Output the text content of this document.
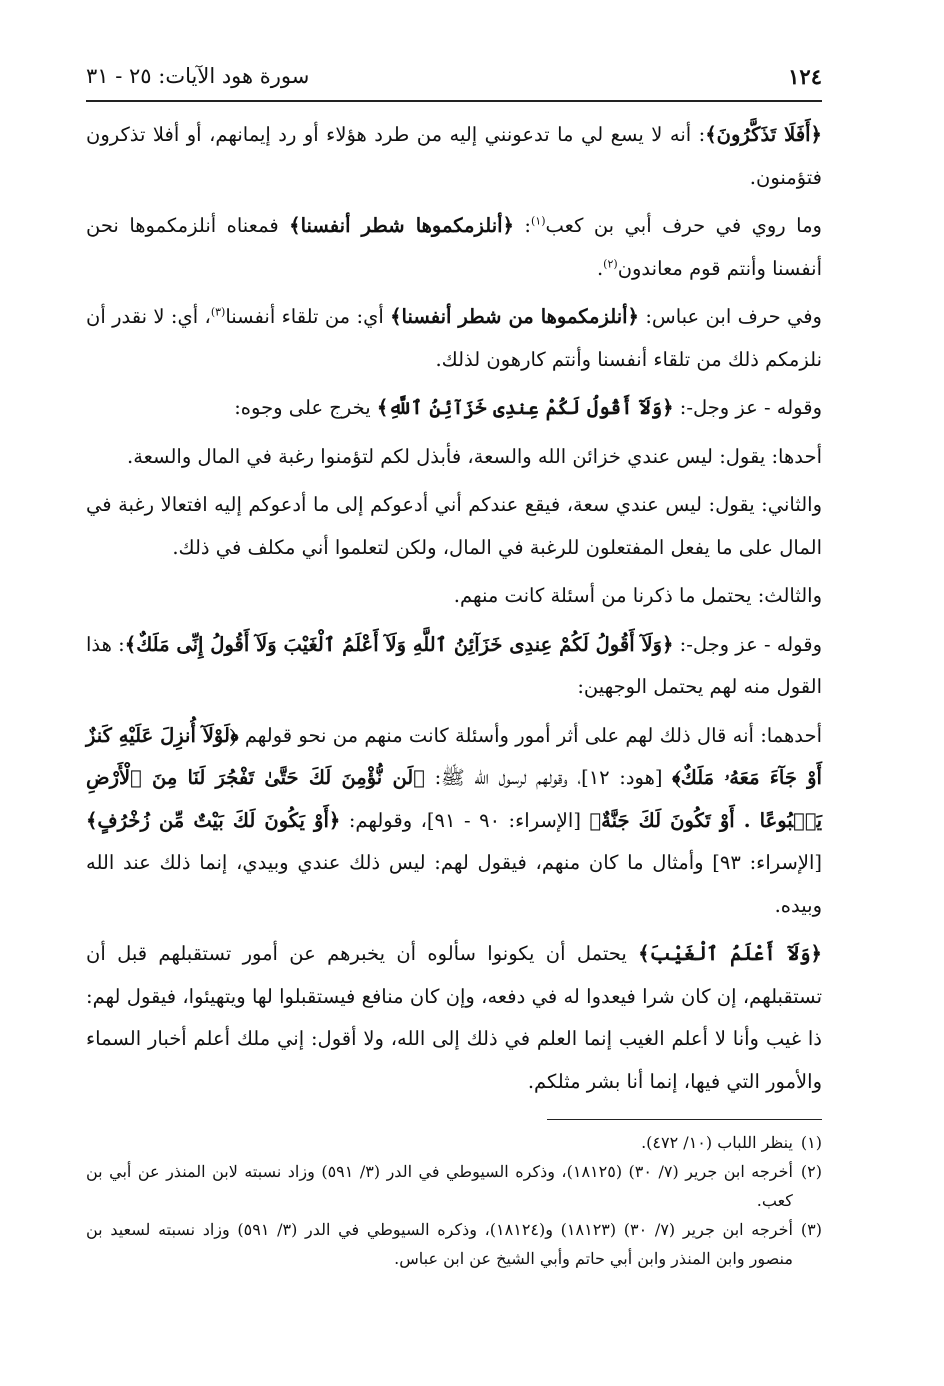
١٢٤
سورة هود الآيات: ٢٥ - ٣١

﴿أَفَلَا تَذَكَّرُونَ﴾: أنه لا يسع لي ما تدعونني إليه من طرد هؤلاء أو رد إيمانهم، أو أفلا تذكرون فتؤمنون.

وما روي في حرف أبي بن كعب$^{(١)}$: ﴿أنلزمكموها شطر أنفسنا﴾ فمعناه أنلزمكموها نحن أنفسنا وأنتم قوم معاندون$^{(٢)}$.

وفي حرف ابن عباس: ﴿أنلزمكموها من شطر أنفسنا﴾ أي: من تلقاء أنفسنا$^{(٣)}$، أي: لا نقدر أن نلزمكم ذلك من تلقاء أنفسنا وأنتم كارهون لذلك.

وقوله - عز وجل-: ﴿وَلَآ أَقُولُ لَكُمْ عِندِى خَزَآئِنُ ٱللَّهِ﴾ يخرج على وجوه:

أحدها: يقول: ليس عندي خزائن الله والسعة، فأبذل لكم لتؤمنوا رغبة في المال والسعة.

والثاني: يقول: ليس عندي سعة، فيقع عندكم أني أدعوكم إلى ما أدعوكم إليه افتعالا رغبة في المال على ما يفعل المفتعلون للرغبة في المال، ولكن لتعلموا أني مكلف في ذلك.

والثالث: يحتمل ما ذكرنا من أسئلة كانت منهم.

وقوله - عز وجل-: ﴿وَلَآ أَقُولُ لَكُمْ عِندِى خَزَآئِنُ ٱللَّهِ وَلَآ أَعْلَمُ ٱلْغَيْبَ وَلَآ أَقُولُ إِنِّى مَلَكٌ﴾: هذا القول منه لهم يحتمل الوجهين:

أحدهما: أنه قال ذلك لهم على أثر أمور وأسئلة كانت منهم من نحو قولهم ﴿لَوْلَآ أُنزِلَ عَلَيْهِ كَنزٌ أَوْ جَآءَ مَعَهُۥ مَلَكٌ﴾ [هود: ١٢]، وقولهم لرسول الله ﷺ: ﴿لَن نُّؤْمِنَ لَكَ حَتَّىٰ تَفْجُرَ لَنَا مِنَ ٱلْأَرْضِ يَنۢبُوعًا . أَوْ تَكُونَ لَكَ جَنَّةٌ﴾ [الإسراء: ٩٠ - ٩١]، وقولهم: ﴿أَوْ يَكُونَ لَكَ بَيْتٌ مِّن زُخْرُفٍ﴾ [الإسراء: ٩٣] وأمثال ما كان منهم، فيقول لهم: ليس ذلك عندي وبيدي، إنما ذلك عند الله وبيده.

﴿وَلَآ أَعْلَمُ ٱلْغَيْبَ﴾ يحتمل أن يكونوا سألوه أن يخبرهم عن أمور تستقبلهم قبل أن تستقبلهم، إن كان شرا فيعدوا له في دفعه، وإن كان منافع فيستقبلوا لها ويتهيئوا، فيقول لهم: ذا غيب وأنا لا أعلم الغيب إنما العلم في ذلك إلى الله، ولا أقول: إني ملك أعلم أخبار السماء والأمور التي فيها، إنما أنا بشر مثلكم.

(١)
ينظر اللباب (١٠/ ٤٧٢).
(٢)
أخرجه ابن جرير (٧/ ٣٠) (١٨١٢٥)، وذكره السيوطي في الدر (٣/ ٥٩١) وزاد نسبته لابن المنذر عن أبي بن كعب.
(٣)
أخرجه ابن جرير (٧/ ٣٠) (١٨١٢٣) و(١٨١٢٤)، وذكره السيوطي في الدر (٣/ ٥٩١) وزاد نسبته لسعيد بن منصور وابن المنذر وابن أبي حاتم وأبي الشيخ عن ابن عباس.
